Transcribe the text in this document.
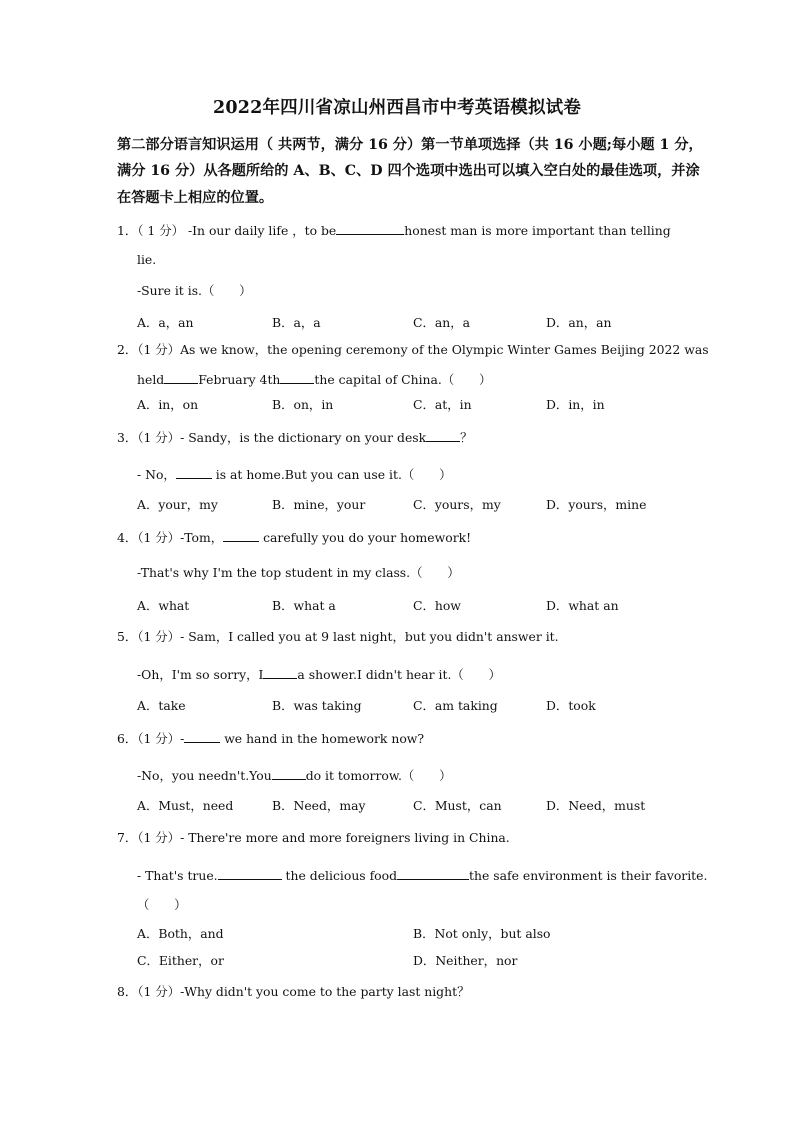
2022年四川省凉山州西昌市中考英语模拟试卷
第二部分语言知识运用（ 共两节，满分 16 分）第一节单项选择（共 16 小题;每小题 1 分，
满分 16 分）从各题所给的 A、B、C、D 四个选项中选出可以填入空白处的最佳选项，并涂
在答题卡上相应的位置。
1．（ 1 分） -In our daily life ，to be	honest man is more important than telling
lie.
-Sure it is.（　　）
A．a，an	B．a，a	C．an，a	D．an，an
2．（1 分）As we know，the opening ceremony of the Olympic Winter Games Beijing 2022 was
held	February 4th	the capital of China.（　　）
A．in，on	B．on，in	C．at，in	D．in，in
3．（1 分）- Sandy，is the dictionary on your desk	？
- No，	is at home.But you can use it.（　　）
A．your，my	B．mine，your	C．yours，my	D．yours，mine
4．（1 分）-Tom，	carefully you do your homework!
-That's why I'm the top student in my class.（　　）
A．what	B．what a	C．how	D．what an
5．（1 分）- Sam，I called you at 9 last night，but you didn't answer it.
-Oh，I'm so sorry，I	a shower.I didn't hear it.（　　）
A．take	B．was taking	C．am taking	D．took
6．（1 分）-	we hand in the homework now?
-No，you needn't.You	do it tomorrow.（　　）
A．Must，need	B．Need，may	C．Must，can	D．Need，must
7．（1 分）- There're more and more foreigners living in China.
- That's true.	the delicious food	the safe environment is their favorite.
（　　）
A．Both，and	B．Not only，but also
C．Either，or	D．Neither，nor
8．（1 分）-Why didn't you come to the party last night？
